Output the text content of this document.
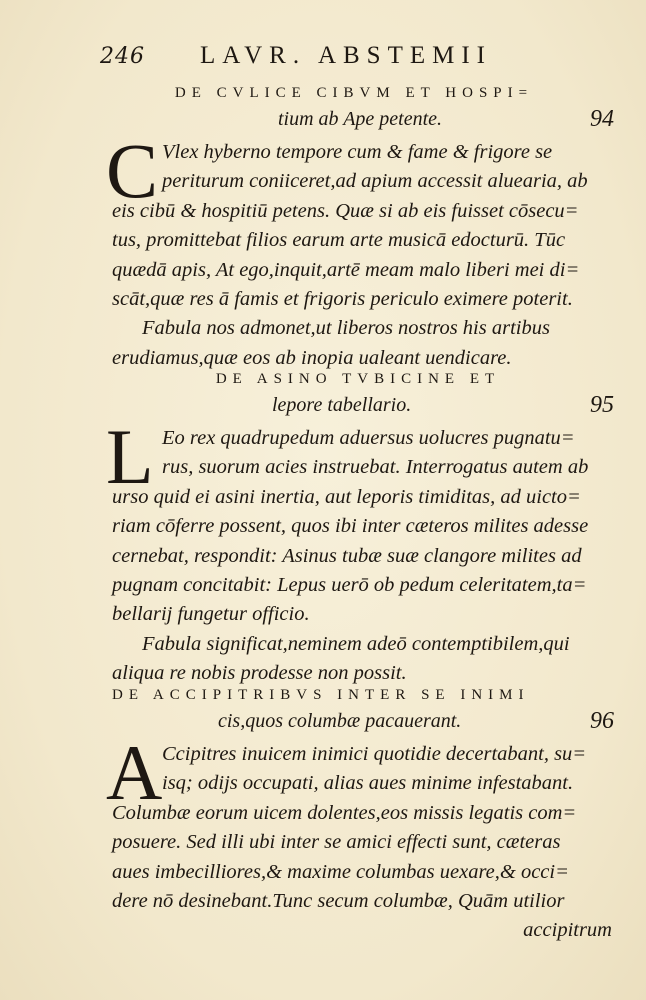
246 LAVR. ABSTEMII
DE CVLICE CIBVM ET HOSPI=
tium ab Ape petente.	94
C Vlex hyberno tempore cum & fame & frigore se
periturum coniiceret,ad apium accessit aluearia, ab
eis cibū & hospitiū petens. Quæ si ab eis fuisset cōsecu=
tus, promittebat filios earum arte musicā edocturū. Tūc
quædā apis, At ego,inquit,artē meam malo liberi mei di=
scāt,quæ res ā famis et frigoris periculo eximere poterit.
Fabula nos admonet,ut liberos nostros his artibus
erudiamus,quæ eos ab inopia ualeant uendicare.
DE ASINO TVBICINE ET
lepore tabellario.	95
L Eo rex quadrupedum aduersus uolucres pugnatu=
rus, suorum acies instruebat. Interrogatus autem ab
urso quid ei asini inertia, aut leporis timiditas, ad uicto=
riam cōferre possent, quos ibi inter cæteros milites adesse
cernebat, respondit: Asinus tubæ suæ clangore milites ad
pugnam concitabit: Lepus uerō ob pedum celeritatem,ta=
bellarij fungetur officio.
Fabula significat,neminem adeō contemptibilem,qui
aliqua re nobis prodesse non possit.
DE ACCIPITRIBVS INTER SE INIMI
cis,quos columbæ pacauerant.	96
A Ccipitres inuicem inimici quotidie decertabant, su=
isq; odijs occupati, alias aues minime infestabant.
Columbæ eorum uicem dolentes,eos missis legatis com=
posuere. Sed illi ubi inter se amici effecti sunt, cæteras
aues imbecilliores,& maxime columbas uexare,& occi=
dere nō desinebant.Tunc secum columbæ, Quām utilior
accipitrum
